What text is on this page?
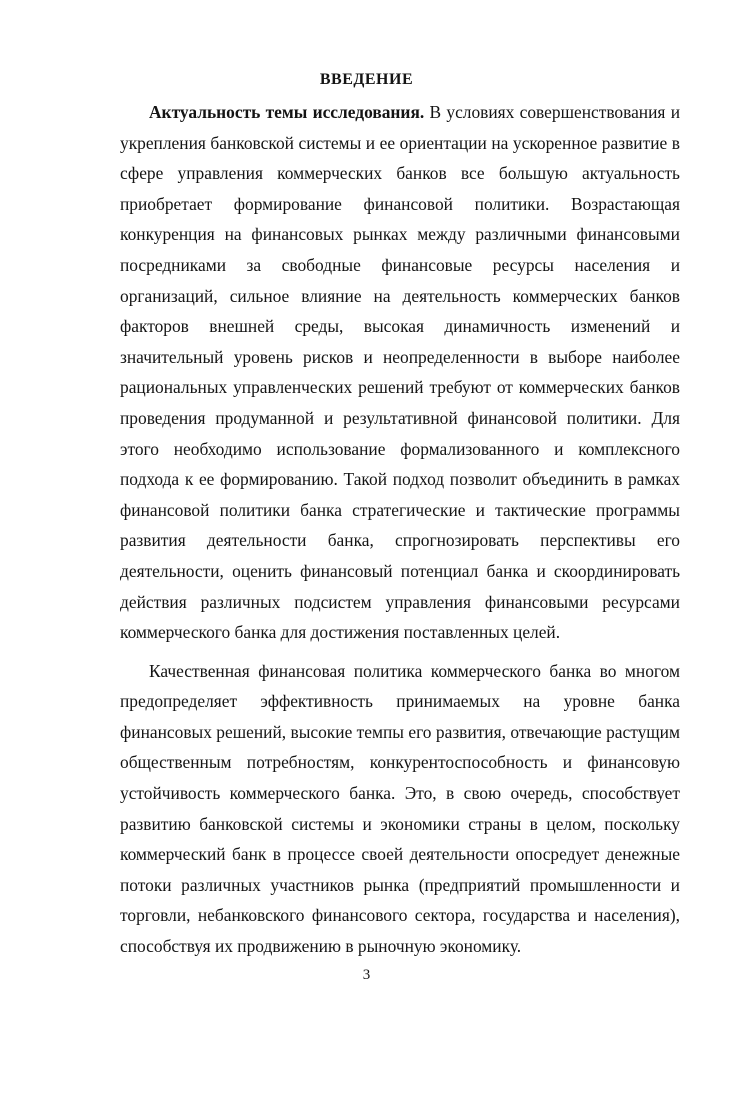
ВВЕДЕНИЕ

Актуальность темы исследования. В условиях совершенствования и укрепления банковской системы и ее ориентации на ускоренное развитие в сфере управления коммерческих банков все большую актуальность приобретает формирование финансовой политики. Возрастающая конкуренция на финансовых рынках между различными финансовыми посредниками за свободные финансовые ресурсы населения и организаций, сильное влияние на деятельность коммерческих банков факторов внешней среды, высокая динамичность изменений и значительный уровень рисков и неопределенности в выборе наиболее рациональных управленческих решений требуют от коммерческих банков проведения продуманной и результативной финансовой политики. Для этого необходимо использование формализованного и комплексного подхода к ее формированию. Такой подход позволит объединить в рамках финансовой политики банка стратегические и тактические программы развития деятельности банка, спрогнозировать перспективы его деятельности, оценить финансовый потенциал банка и скоординировать действия различных подсистем управления финансовыми ресурсами коммерческого банка для достижения поставленных целей.

Качественная финансовая политика коммерческого банка во многом предопределяет эффективность принимаемых на уровне банка финансовых решений, высокие темпы его развития, отвечающие растущим общественным потребностям, конкурентоспособность и финансовую устойчивость коммерческого банка. Это, в свою очередь, способствует развитию банковской системы и экономики страны в целом, поскольку коммерческий банк в процессе своей деятельности опосредует денежные потоки различных участников рынка (предприятий промышленности и торговли, небанковского финансового сектора, государства и населения), способствуя их продвижению в рыночную экономику.

3
